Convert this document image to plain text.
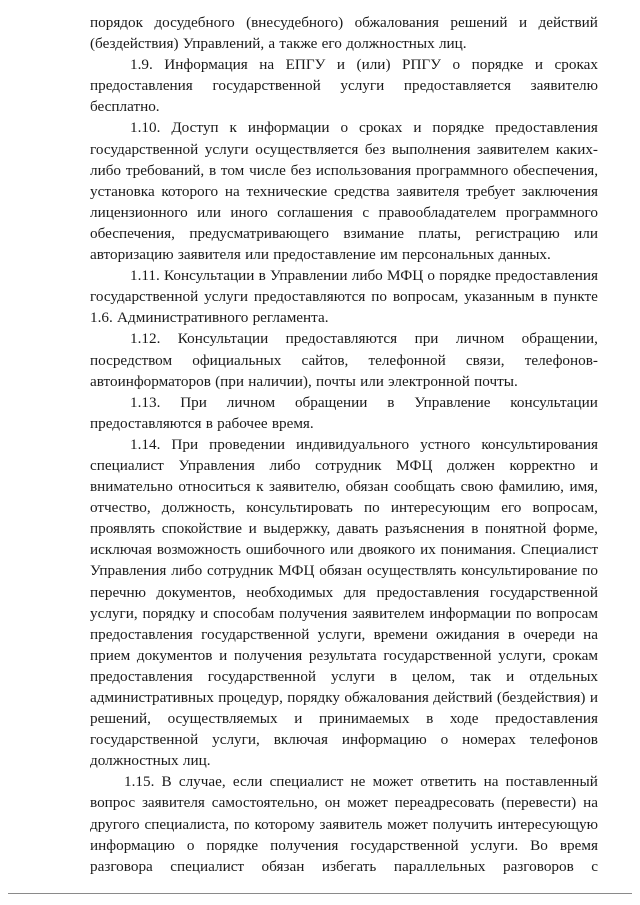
порядок досудебного (внесудебного) обжалования решений и действий
(бездействия) Управлений, а также его должностных лиц.
1.9. Информация на ЕПГУ и (или) РПГУ о порядке и сроках
предоставления государственной услуги предоставляется заявителю
бесплатно.
1.10. Доступ к информации о сроках и порядке предоставления
государственной услуги осуществляется без выполнения заявителем каких-
либо требований, в том числе без использования программного обеспечения,
установка которого на технические средства заявителя требует заключения
лицензионного или иного соглашения с правообладателем программного
обеспечения, предусматривающего взимание платы, регистрацию или
авторизацию заявителя или предоставление им персональных данных.
1.11. Консультации в Управлении либо МФЦ о порядке предоставления
государственной услуги предоставляются по вопросам, указанным в пункте
1.6. Административного регламента.
1.12. Консультации предоставляются при личном обращении,
посредством официальных сайтов, телефонной связи, телефонов-
автоинформаторов (при наличии), почты или электронной почты.
1.13. При личном обращении в Управление консультации
предоставляются в рабочее время.
1.14. При проведении индивидуального устного консультирования
специалист Управления либо сотрудник МФЦ должен корректно и
внимательно относиться к заявителю, обязан сообщать свою фамилию, имя,
отчество, должность, консультировать по интересующим его вопросам,
проявлять спокойствие и выдержку, давать разъяснения в понятной форме,
исключая возможность ошибочного или двоякого их понимания. Специалист
Управления либо сотрудник МФЦ обязан осуществлять консультирование по
перечню документов, необходимых для предоставления государственной
услуги, порядку и способам получения заявителем информации по вопросам
предоставления государственной услуги, времени ожидания в очереди на
прием документов и получения результата государственной услуги, срокам
предоставления государственной услуги в целом, так и отдельных
административных процедур, порядку обжалования действий (бездействия) и
решений, осуществляемых и принимаемых в ходе предоставления
государственной услуги, включая информацию о номерах телефонов
должностных лиц.
1.15. В случае, если специалист не может ответить на поставленный
вопрос заявителя самостоятельно, он может переадресовать (перевести) на
другого специалиста, по которому заявитель может получить интересующую
информацию о порядке получения государственной услуги. Во время
разговора специалист обязан избегать параллельных разговоров с
